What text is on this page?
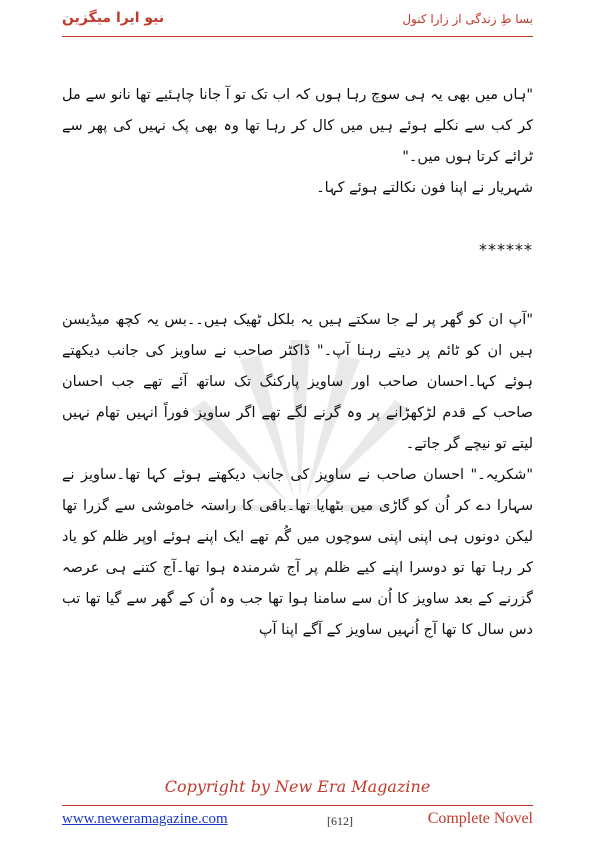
نیو ایرا میگزین	بسا طِ زندگی از زارا کنول

"ہاں میں بھی یہ ہی سوچ رہا ہوں کہ اب تک تو آ جانا چاہئیے تھا نانو سے مل کر کب سے نکلے ہوئے ہیں میں کال کر رہا تھا وہ بھی پک نہیں کی پھر سے ٹرائے کرتا ہوں میں۔"

شہریار نے اپنا فون نکالتے ہوئے کہا۔

******

"آپ ان کو گھر پر لے جا سکتے ہیں یہ بلکل ٹھیک ہیں۔۔بس یہ کچھ میڈیسن ہیں ان کو ٹائم پر دیتے رہنا آپ۔" ڈاکٹر صاحب نے ساویز کی جانب دیکھتے ہوئے کہا۔احسان صاحب اور ساویز پارکنگ تک ساتھ آئے تھے جب احسان صاحب کے قدم لڑکھڑانے پر وہ گرنے لگے تھے اگر ساویز فوراً انہیں تھام نہیں لیتے تو نیچے گر جاتے۔

"شکریہ۔" احسان صاحب نے ساویز کی جانب دیکھتے ہوئے کہا تھا۔ساویز نے سہارا دے کر اُن کو گاڑی میں بٹھایا تھا۔باقی کا راستہ خاموشی سے گزرا تھا لیکن دونوں ہی اپنی اپنی سوچوں میں گُم تھے ایک اپنے ہوئے اوپر ظلم کو یاد کر رہا تھا تو دوسرا اپنے کیے ظلم پر آج شرمندہ ہوا تھا۔آج کتنے ہی عرصہ گزرنے کے بعد ساویز کا اُن سے سامنا ہوا تھا جب وہ اُن کے گھر سے گیا تھا تب دس سال کا تھا آج اُنہیں ساویز کے آگے اپنا آپ

Copyright by New Era Magazine
www.neweramagazine.com	[612]	Complete Novel
